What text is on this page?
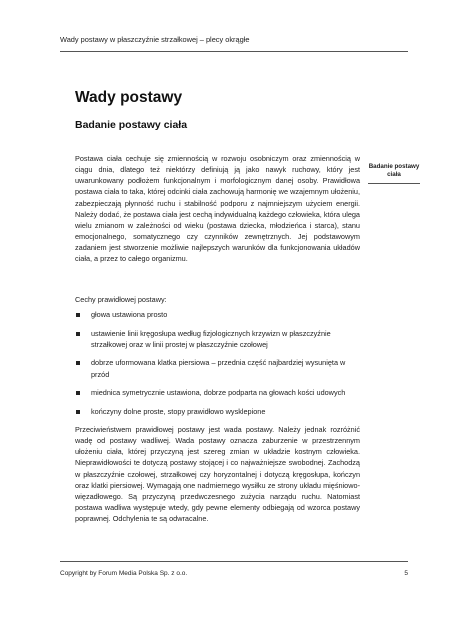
Wady postawy w płaszczyźnie strzałkowej – plecy okrągłe
Wady postawy
Badanie postawy ciała
Badanie postawy ciała

Postawa ciała cechuje się zmiennością w rozwoju osobniczym oraz zmiennością w ciągu dnia, dlatego też niektórzy definiują ją jako nawyk ruchowy, który jest uwarunkowany podłożem funkcjonalnym i morfologicznym danej osoby. Prawidłowa postawa ciała to taka, której odcinki ciała zachowują harmonię we wzajemnym ułożeniu, zabezpieczają płynność ruchu i stabilność podporu z najmniejszym użyciem energii. Należy dodać, że postawa ciała jest cechą indywidualną każdego człowieka, która ulega wielu zmianom w zależności od wieku (postawa dziecka, młodzieńca i starca), stanu emocjonalnego, somatycznego czy czynników zewnętrznych. Jej podstawowym zadaniem jest stworzenie możliwie najlepszych warunków dla funkcjonowania układów ciała, a przez to całego organizmu.

Cechy prawidłowej postawy:

głowa ustawiona prosto
ustawienie linii kręgosłupa według fizjologicznych krzywizn w płaszczyźnie strzałkowej oraz w linii prostej w płaszczyźnie czołowej
dobrze uformowana klatka piersiowa – przednia część najbardziej wysunięta w przód
miednica symetrycznie ustawiona, dobrze podparta na głowach kości udowych
kończyny dolne proste, stopy prawidłowo wysklepione

Przeciwieństwem prawidłowej postawy jest wada postawy. Należy jednak rozróżnić wadę od postawy wadliwej. Wada postawy oznacza zaburzenie w przestrzennym ułożeniu ciała, której przyczyną jest szereg zmian w układzie kostnym człowieka. Nieprawidłowości te dotyczą postawy stojącej i co najważniejsze swobodnej. Zachodzą w płaszczyźnie czołowej, strzałkowej czy horyzontalnej i dotyczą kręgosłupa, kończyn oraz klatki piersiowej. Wymagają one nadmiernego wysiłku ze strony układu mięśniowo-więzadłowego. Są przyczyną przedwczesnego zużycia narządu ruchu. Natomiast postawa wadliwa występuje wtedy, gdy pewne elementy odbiegają od wzorca postawy poprawnej. Odchylenia te są odwracalne.

Copyright by Forum Media Polska Sp. z o.o.	5
